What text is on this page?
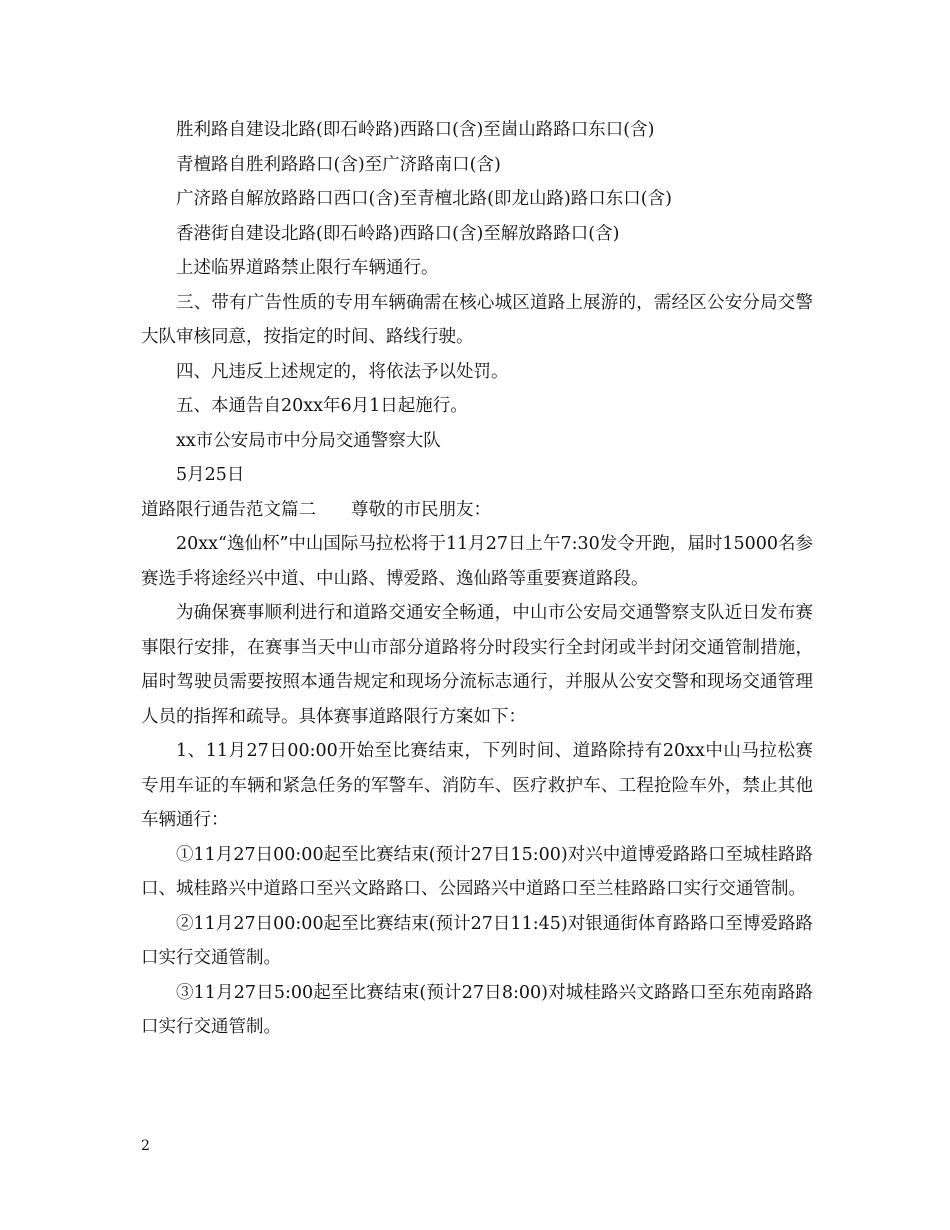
胜利路自建设北路(即石岭路)西路口(含)至崮山路路口东口(含)

青檀路自胜利路路口(含)至广济路南口(含)

广济路自解放路路口西口(含)至青檀北路(即龙山路)路口东口(含)

香港街自建设北路(即石岭路)西路口(含)至解放路路口(含)

上述临界道路禁止限行车辆通行。

三、带有广告性质的专用车辆确需在核心城区道路上展游的，需经区公安分局交警大队审核同意，按指定的时间、路线行驶。

四、凡违反上述规定的，将依法予以处罚。

五、本通告自20xx年6月1日起施行。

xx市公安局市中分局交通警察大队

5月25日

道路限行通告范文篇二　　尊敬的市民朋友：

20xx“逸仙杯”中山国际马拉松将于11月27日上午7:30发令开跑，届时15000名参赛选手将途经兴中道、中山路、博爱路、逸仙路等重要赛道路段。

为确保赛事顺利进行和道路交通安全畅通，中山市公安局交通警察支队近日发布赛事限行安排，在赛事当天中山市部分道路将分时段实行全封闭或半封闭交通管制措施，届时驾驶员需要按照本通告规定和现场分流标志通行，并服从公安交警和现场交通管理人员的指挥和疏导。具体赛事道路限行方案如下：

1、11月27日00:00开始至比赛结束，下列时间、道路除持有20xx中山马拉松赛专用车证的车辆和紧急任务的军警车、消防车、医疗救护车、工程抢险车外，禁止其他车辆通行：

①11月27日00:00起至比赛结束(预计27日15:00)对兴中道博爱路路口至城桂路路口、城桂路兴中道路口至兴文路路口、公园路兴中道路口至兰桂路路口实行交通管制。

②11月27日00:00起至比赛结束(预计27日11:45)对银通街体育路路口至博爱路路口实行交通管制。

③11月27日5:00起至比赛结束(预计27日8:00)对城桂路兴文路路口至东苑南路路口实行交通管制。

2
